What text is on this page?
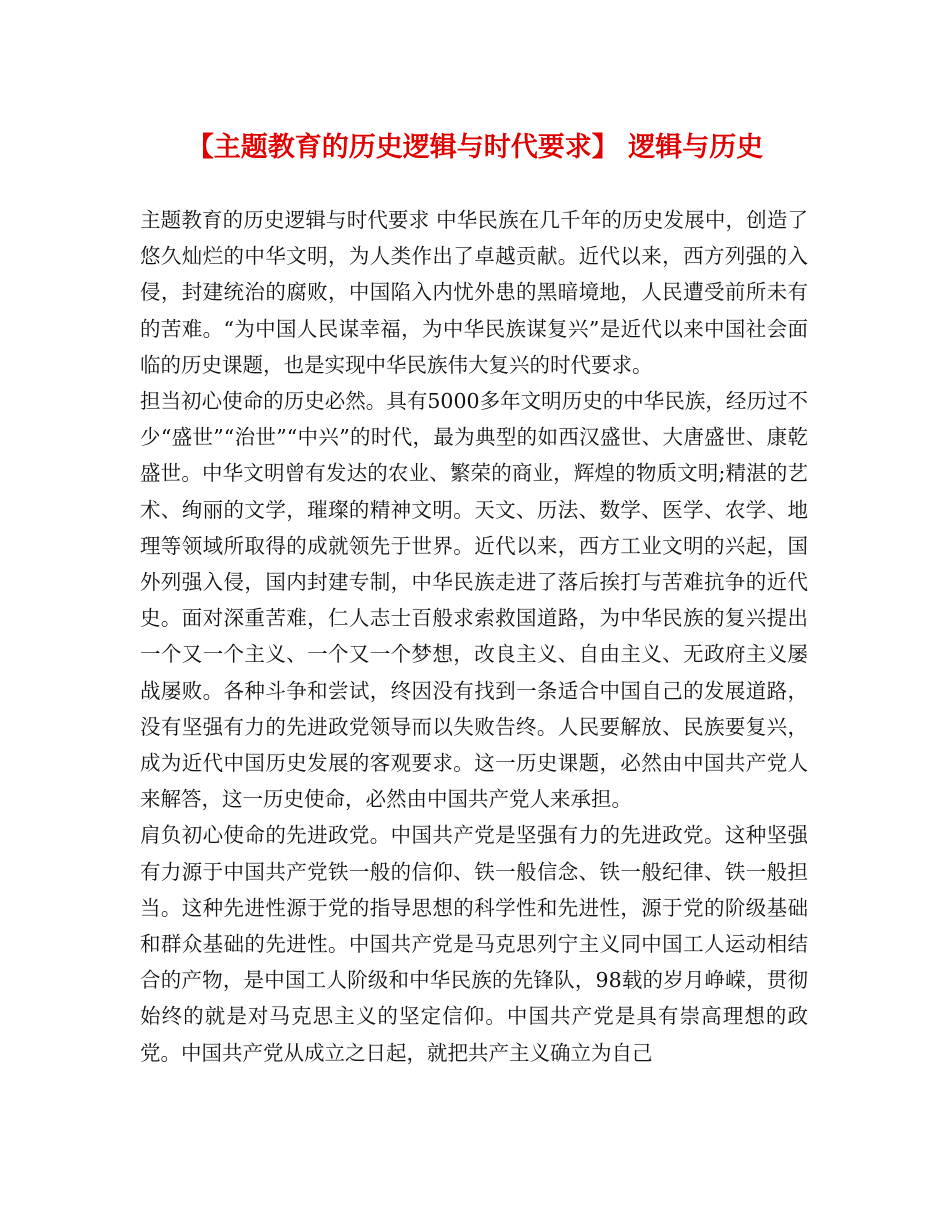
【主题教育的历史逻辑与时代要求】 逻辑与历史

主题教育的历史逻辑与时代要求 中华民族在几千年的历史发展中，创造了悠久灿烂的中华文明，为人类作出了卓越贡献。近代以来，西方列强的入侵，封建统治的腐败，中国陷入内忧外患的黑暗境地，人民遭受前所未有的苦难。“为中国人民谋幸福，为中华民族谋复兴”是近代以来中国社会面临的历史课题，也是实现中华民族伟大复兴的时代要求。

担当初心使命的历史必然。具有5000多年文明历史的中华民族，经历过不少“盛世”“治世”“中兴”的时代，最为典型的如西汉盛世、大唐盛世、康乾盛世。中华文明曾有发达的农业、繁荣的商业，辉煌的物质文明;精湛的艺术、绚丽的文学，璀璨的精神文明。天文、历法、数学、医学、农学、地理等领域所取得的成就领先于世界。近代以来，西方工业文明的兴起，国外列强入侵，国内封建专制，中华民族走进了落后挨打与苦难抗争的近代史。面对深重苦难，仁人志士百般求索救国道路，为中华民族的复兴提出一个又一个主义、一个又一个梦想，改良主义、自由主义、无政府主义屡战屡败。各种斗争和尝试，终因没有找到一条适合中国自己的发展道路，没有坚强有力的先进政党领导而以失败告终。人民要解放、民族要复兴，成为近代中国历史发展的客观要求。这一历史课题，必然由中国共产党人来解答，这一历史使命，必然由中国共产党人来承担。

肩负初心使命的先进政党。中国共产党是坚强有力的先进政党。这种坚强有力源于中国共产党铁一般的信仰、铁一般信念、铁一般纪律、铁一般担当。这种先进性源于党的指导思想的科学性和先进性，源于党的阶级基础和群众基础的先进性。中国共产党是马克思列宁主义同中国工人运动相结合的产物，是中国工人阶级和中华民族的先锋队，98载的岁月峥嵘，贯彻始终的就是对马克思主义的坚定信仰。中国共产党是具有崇高理想的政党。中国共产党从成立之日起，就把共产主义确立为自己
